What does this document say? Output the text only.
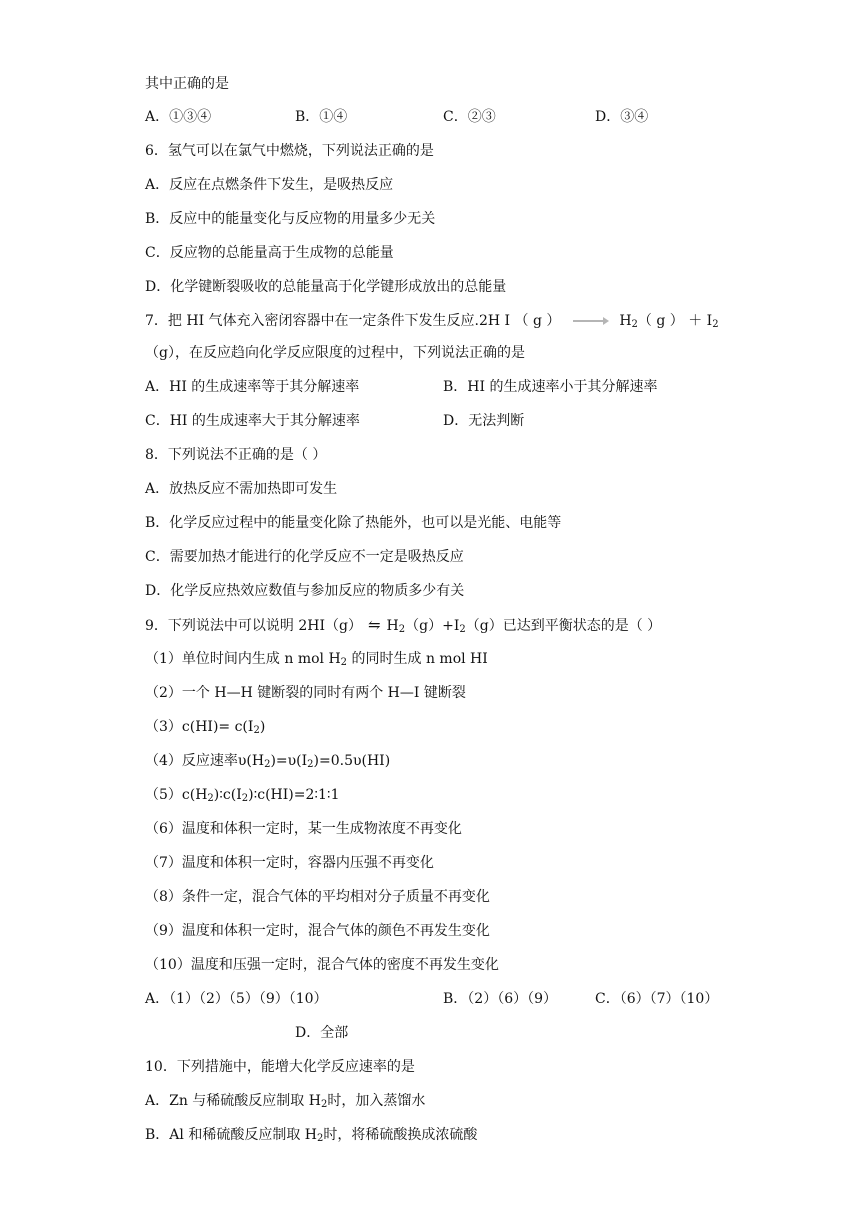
其中正确的是
A．①③④	B．①④	C．②③	D．③④
6．氢气可以在氯气中燃烧，下列说法正确的是
A．反应在点燃条件下发生，是吸热反应
B．反应中的能量变化与反应物的用量多少无关
C．反应物的总能量高于生成物的总能量
D．化学键断裂吸收的总能量高于化学键形成放出的总能量
7．把 HI 气体充入密闭容器中在一定条件下发生反应.2H Ⅰ （ g ）	$H_2$（ g ） ＋ $Ⅰ_2$
（g），在反应趋向化学反应限度的过程中，下列说法正确的是
A．HI 的生成速率等于其分解速率	B．HI 的生成速率小于其分解速率
C．HI 的生成速率大于其分解速率	D．无法判断
8．下列说法不正确的是（ ）
A．放热反应不需加热即可发生
B．化学反应过程中的能量变化除了热能外，也可以是光能、电能等
C．需要加热才能进行的化学反应不一定是吸热反应
D．化学反应热效应数值与参加反应的物质多少有关
9．下列说法中可以说明 2HI（g） ⇋ $H_2(g)+I_2(g)$已达到平衡状态的是（ ）
（1）单位时间内生成 n mol $H_2$ 的同时生成 n mol HI
（2）一个 H—H 键断裂的同时有两个 H—I 键断裂
$(3)c(HI)= c(I_2)$
（4）反应速率$\upsilon(H_2)=\upsilon(I_2)=0.5\upsilon(HI)$
$(5)c(H_2)∶c(I_2)∶c(HI)=2∶1∶1$
（6）温度和体积一定时，某一生成物浓度不再变化
（7）温度和体积一定时，容器内压强不再变化
（8）条件一定，混合气体的平均相对分子质量不再变化
（9）温度和体积一定时，混合气体的颜色不再发生变化
（10）温度和压强一定时，混合气体的密度不再发生变化
A．（1）（2）（5）（9）（10）	B．（2）（6）（9）	C．（6）（7）（10）
D．全部
10．下列措施中，能增大化学反应速率的是
A．Zn 与稀硫酸反应制取 $H_2$时，加入蒸馏水
B．Al 和稀硫酸反应制取 $H_2$时，将稀硫酸换成浓硫酸
